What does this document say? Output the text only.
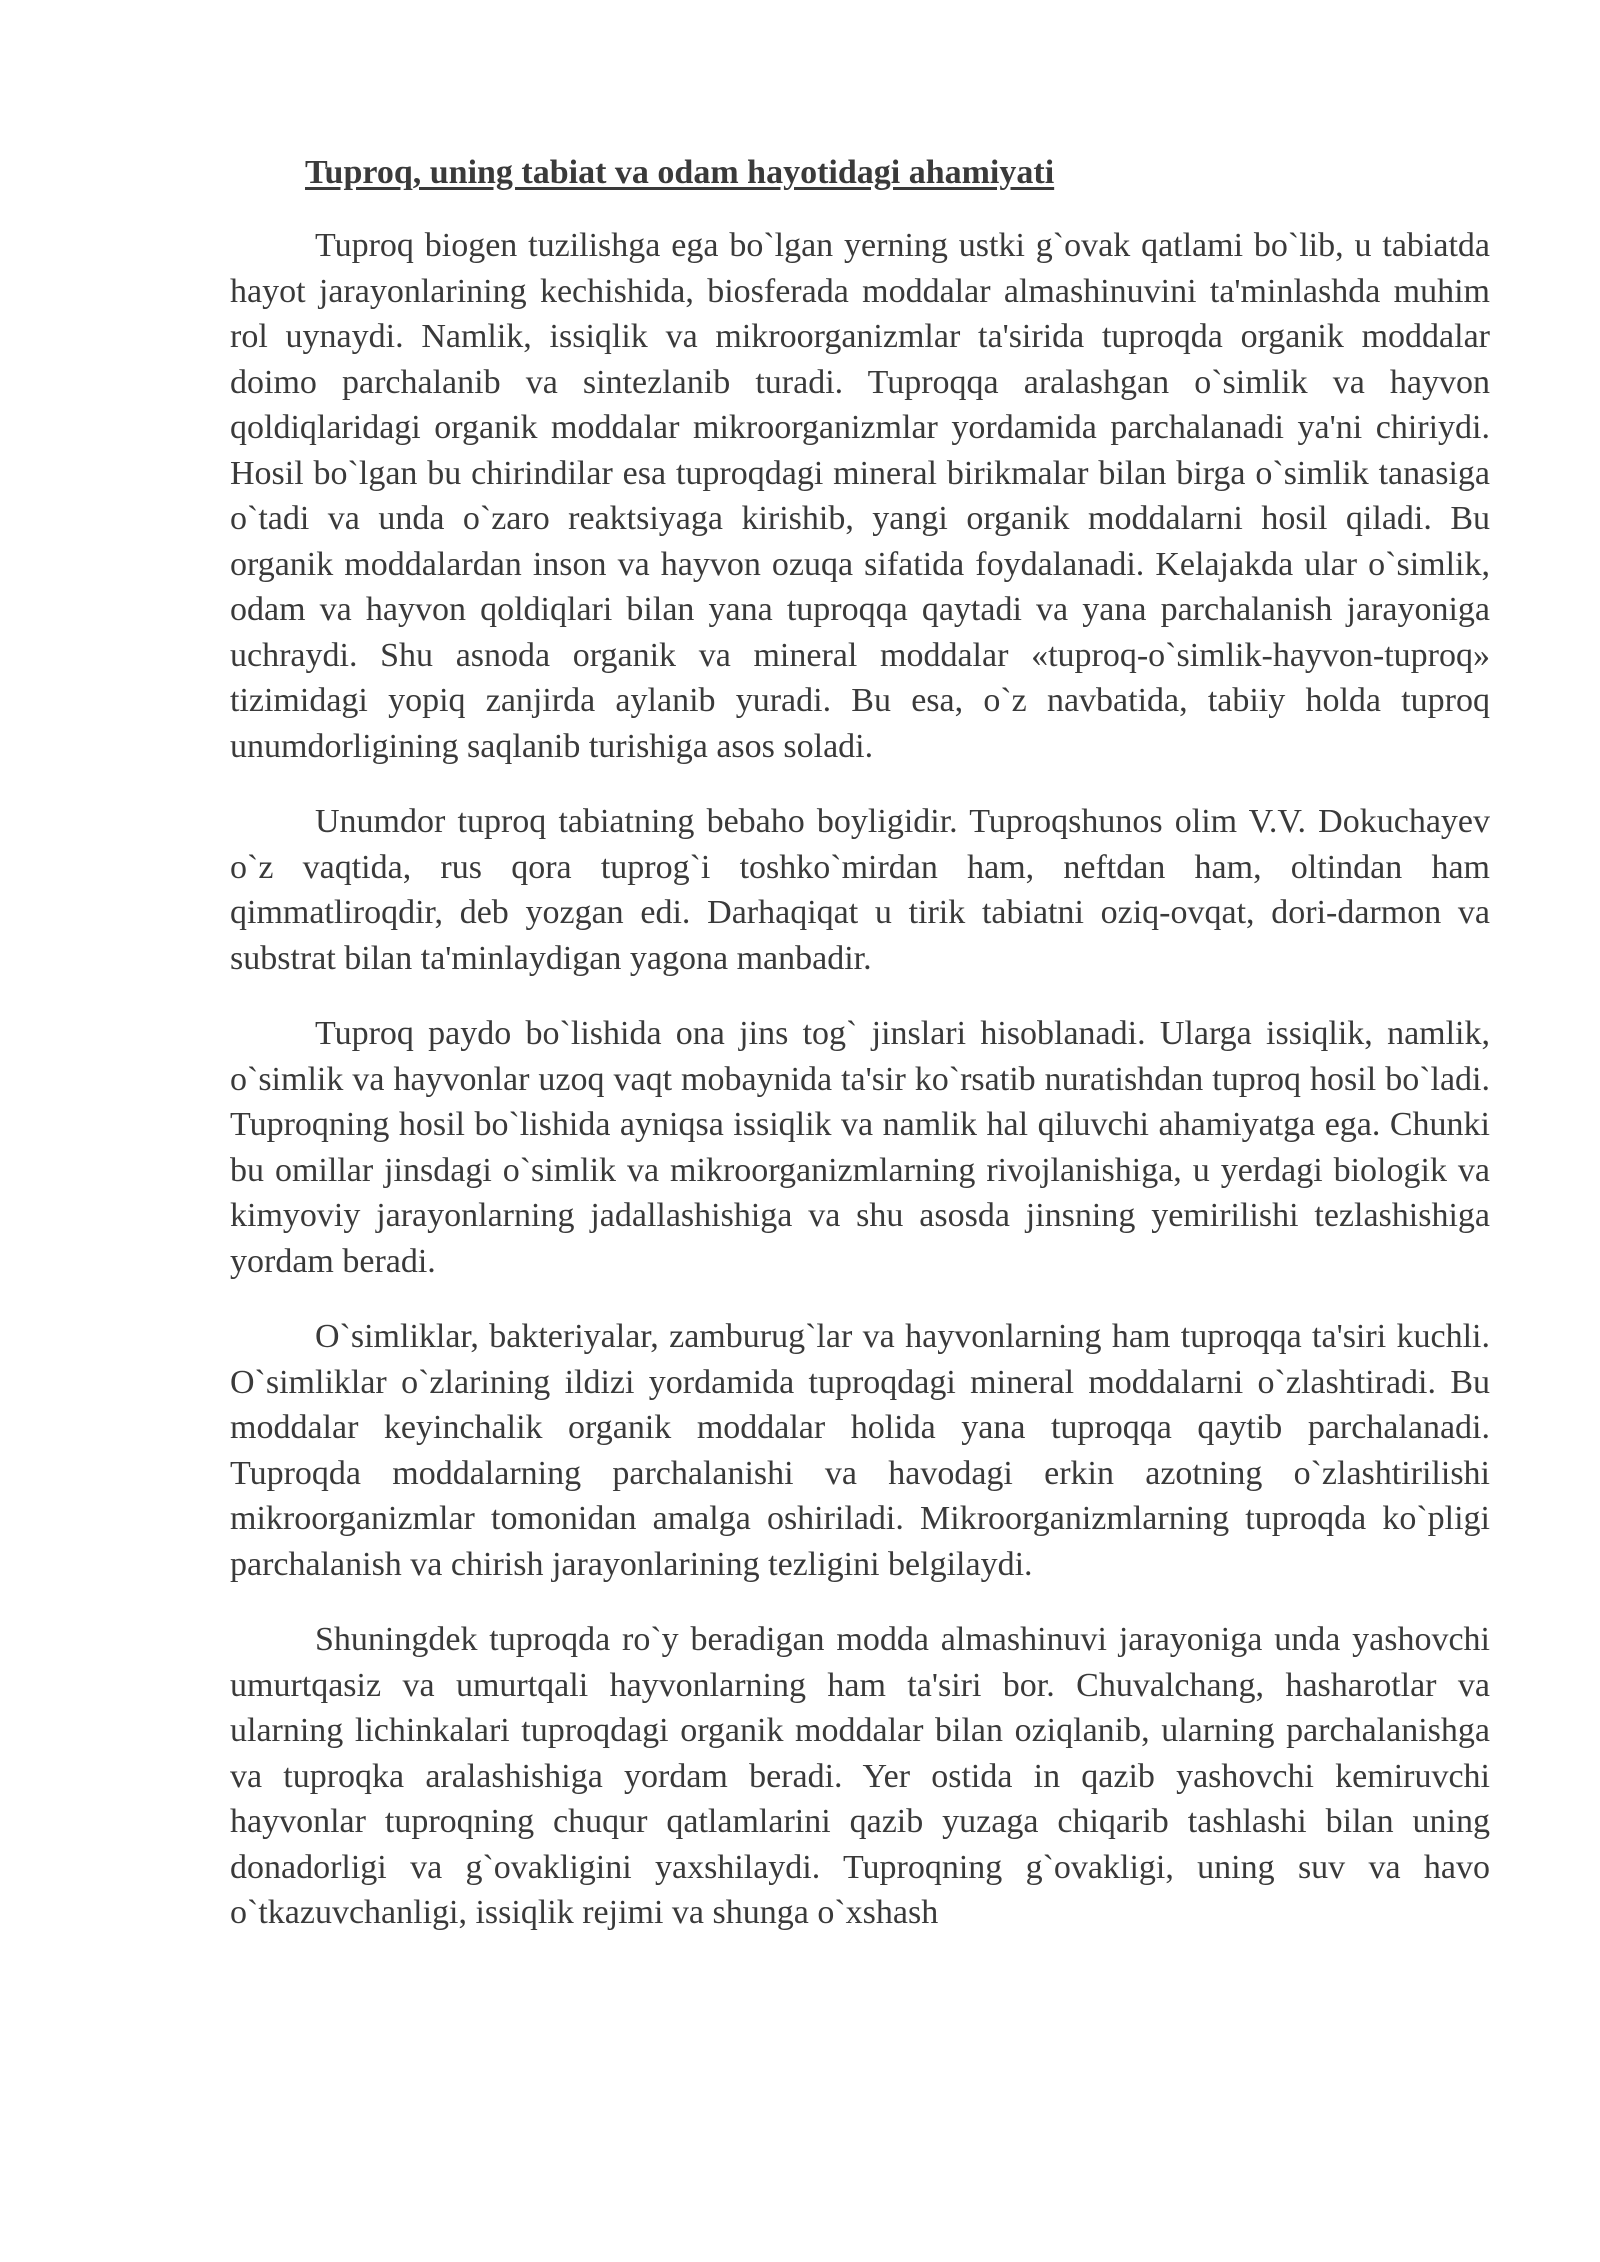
Tuproq, uning tabiat va odam hayotidagi ahamiyati

Tuproq biogen tuzilishga ega bo`lgan yerning ustki g`ovak qatlami bo`lib, u tabiatda hayot jarayonlarining kechishida, biosferada moddalar almashinuvini ta'minlashda muhim rol uynaydi. Namlik, issiqlik va mikroorganizmlar ta'sirida tuproqda organik moddalar doimo parchalanib va sintezlanib turadi. Tuproqqa aralashgan o`simlik va hayvon qoldiqlaridagi organik moddalar mikroorganizmlar yordamida parchalanadi ya'ni chiriydi. Hosil bo`lgan bu chirindilar esa tuproqdagi mineral birikmalar bilan birga o`simlik tanasiga o`tadi va unda o`zaro reaktsiyaga kirishib, yangi organik moddalarni hosil qiladi. Bu organik moddalardan inson va hayvon ozuqa sifatida foydalanadi. Kelajakda ular o`simlik, odam va hayvon qoldiqlari bilan yana tuproqqa qaytadi va yana parchalanish jarayoniga uchraydi. Shu asnoda organik va mineral moddalar «tuproq-o`simlik-hayvon-tuproq» tizimidagi yopiq zanjirda aylanib yuradi. Bu esa, o`z navbatida, tabiiy holda tuproq unumdorligining saqlanib turishiga asos soladi.

Unumdor tuproq tabiatning bebaho boyligidir. Tuproqshunos olim V.V. Dokuchayev o`z vaqtida, rus qora tuprog`i toshko`mirdan ham, neftdan ham, oltindan ham qimmatliroqdir, deb yozgan edi. Darhaqiqat u tirik tabiatni oziq-ovqat, dori-darmon va substrat bilan ta'minlaydigan yagona manbadir.

Tuproq paydo bo`lishida ona jins tog` jinslari hisoblanadi. Ularga issiqlik, namlik, o`simlik va hayvonlar uzoq vaqt mobaynida ta'sir ko`rsatib nuratishdan tuproq hosil bo`ladi. Tuproqning hosil bo`lishida ayniqsa issiqlik va namlik hal qiluvchi ahamiyatga ega. Chunki bu omillar jinsdagi o`simlik va mikroorganizmlarning rivojlanishiga, u yerdagi biologik va kimyoviy jarayonlarning jadallashishiga va shu asosda jinsning yemirilishi tezlashishiga yordam beradi.

O`simliklar, bakteriyalar, zamburug`lar va hayvonlarning ham tuproqqa ta'siri kuchli. O`simliklar o`zlarining ildizi yordamida tuproqdagi mineral moddalarni o`zlashtiradi. Bu moddalar keyinchalik organik moddalar holida yana tuproqqa qaytib parchalanadi. Tuproqda moddalarning parchalanishi va havodagi erkin azotning o`zlashtirilishi mikroorganizmlar tomonidan amalga oshiriladi. Mikroorganizmlarning tuproqda ko`pligi parchalanish va chirish jarayonlarining tezligini belgilaydi.

Shuningdek tuproqda ro`y beradigan modda almashinuvi jarayoniga unda yashovchi umurtqasiz va umurtqali hayvonlarning ham ta'siri bor. Chuvalchang, hasharotlar va ularning lichinkalari tuproqdagi organik moddalar bilan oziqlanib, ularning parchalanishga va tuproqka aralashishiga yordam beradi. Yer ostida in qazib yashovchi kemiruvchi hayvonlar tuproqning chuqur qatlamlarini qazib yuzaga chiqarib tashlashi bilan uning donadorligi va g`ovakligini yaxshilaydi. Tuproqning g`ovakligi, uning suv va havo o`tkazuvchanligi, issiqlik rejimi va shunga o`xshash
